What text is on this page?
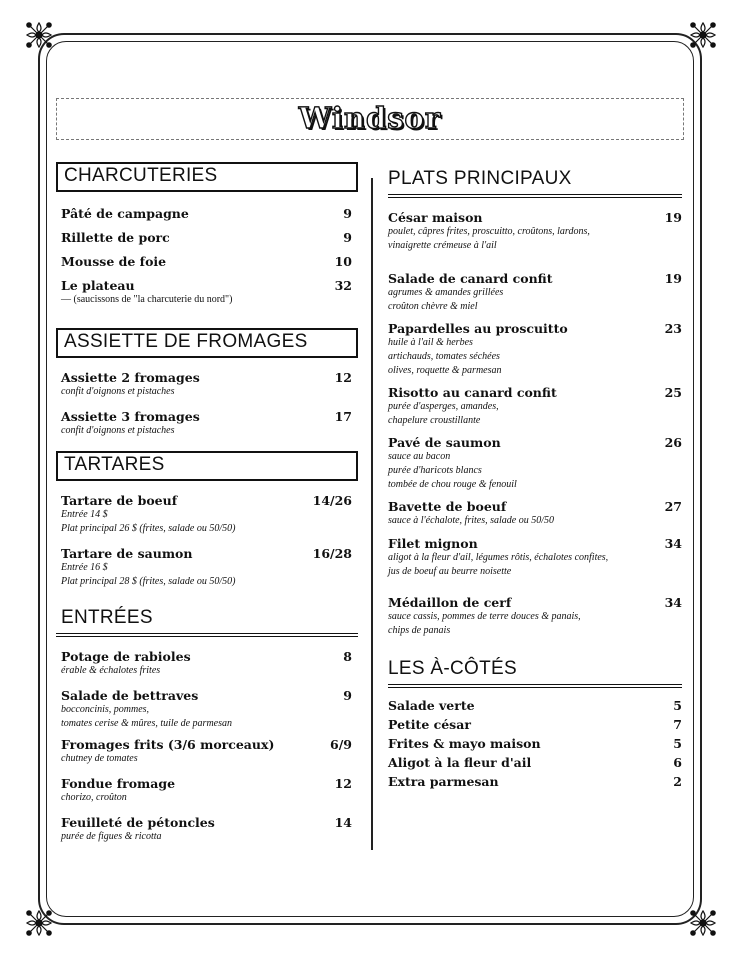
Windsor
CHARCUTERIES
Pâté de campagne	9
Rillette de porc	9
Mousse de foie	10
Le plateau	32
— (saucissons de "la charcuterie du nord")
ASSIETTE DE FROMAGES
Assiette 2 fromages	12
confit d'oignons et pistaches
Assiette 3 fromages	17
confit d'oignons et pistaches
TARTARES
Tartare de boeuf	14/26
Entrée 14 $
Plat principal 26 $ (frites, salade ou 50/50)
Tartare de saumon	16/28
Entrée 16 $
Plat principal 28 $ (frites, salade ou 50/50)
ENTRÉES
Potage de rabioles	8
érable & échalotes frites
Salade de bettraves	9
bocconcinis, pommes,
tomates cerise & mûres, tuile de parmesan
Fromages frits (3/6 morceaux)	6/9
chutney de tomates
Fondue fromage	12
chorizo, croûton
Feuilleté de pétoncles	14
purée de figues & ricotta
PLATS PRINCIPAUX
César maison	19
poulet, câpres frites, proscuitto, croûtons, lardons,
vinaigrette crémeuse à l'ail
Salade de canard confit	19
agrumes & amandes grillées
croûton chèvre & miel
Papardelles au proscuitto	23
huile à l'ail & herbes
artichauds, tomates séchées
olives, roquette & parmesan
Risotto au canard confit	25
purée d'asperges, amandes,
chapelure croustillante
Pavé de saumon	26
sauce au bacon
purée d'haricots blancs
tombée de chou rouge & fenouil
Bavette de boeuf	27
sauce à l'échalote, frites, salade ou 50/50
Filet mignon	34
aligot à la fleur d'ail, légumes rôtis, échalotes confites,
jus de boeuf au beurre noisette
Médaillon de cerf	34
sauce cassis, pommes de terre douces & panais,
chips de panais
LES À-CÔTÉS
Salade verte	5
Petite césar	7
Frites & mayo maison	5
Aligot à la fleur d'ail	6
Extra parmesan	2
